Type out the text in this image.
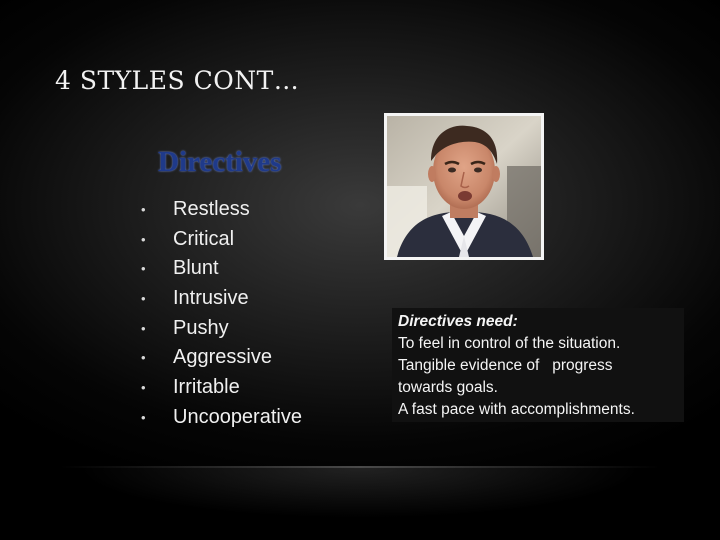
4 STYLES CONT…
Directives
• Restless
• Critical
• Blunt
• Intrusive
• Pushy
• Aggressive
• Irritable
• Uncooperative
Directives need:
To feel in control of the situation.
Tangible evidence of   progress
towards goals.
A fast pace with accomplishments.
